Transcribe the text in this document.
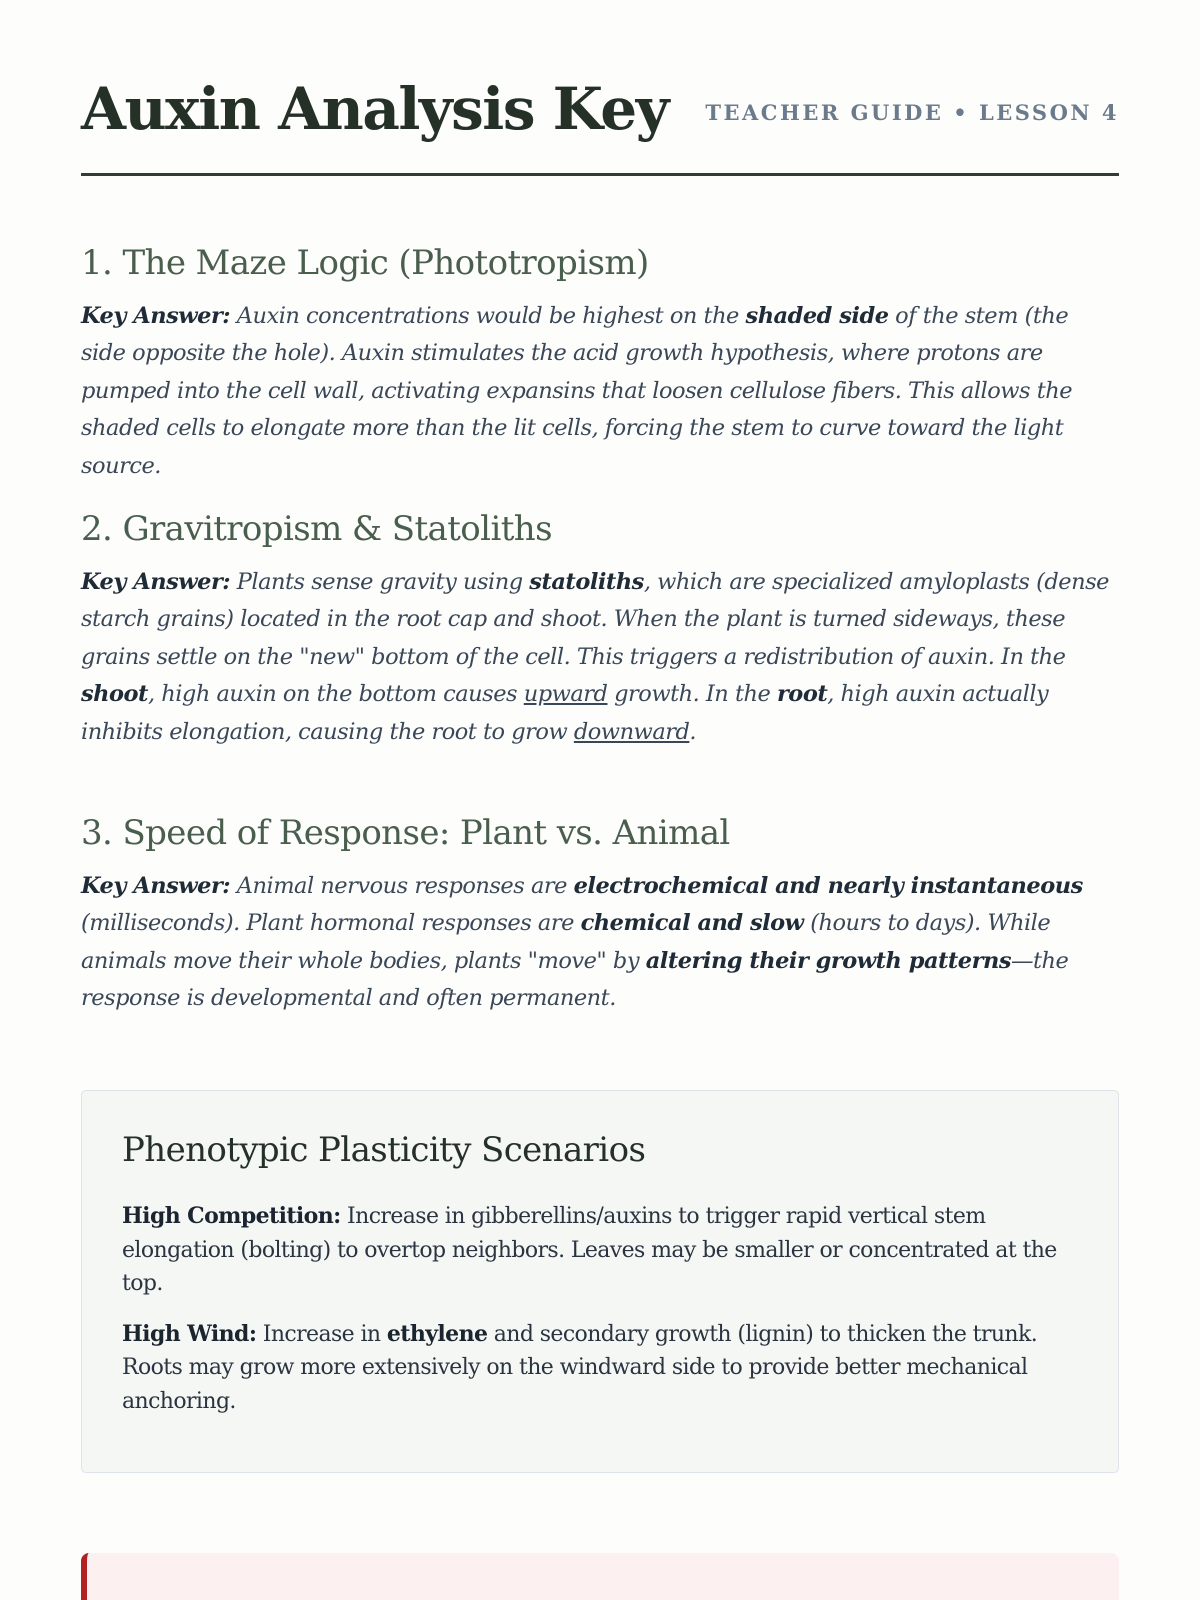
Auxin Analysis Key TEACHER GUIDE • LESSON 4
1. The Maze Logic (Phototropism)

Key Answer: Auxin concentrations would be highest on the shaded side of the stem (the side opposite the hole). Auxin stimulates the acid growth hypothesis, where protons are pumped into the cell wall, activating expansins that loosen cellulose fibers. This allows the shaded cells to elongate more than the lit cells, forcing the stem to curve toward the light source.

2. Gravitropism & Statoliths

Key Answer: Plants sense gravity using statoliths, which are specialized amyloplasts (dense starch grains) located in the root cap and shoot. When the plant is turned sideways, these grains settle on the "new" bottom of the cell. This triggers a redistribution of auxin. In the shoot, high auxin on the bottom causes upward growth. In the root, high auxin actually inhibits elongation, causing the root to grow downward.

3. Speed of Response: Plant vs. Animal

Key Answer: Animal nervous responses are electrochemical and nearly instantaneous (milliseconds). Plant hormonal responses are chemical and slow (hours to days). While animals move their whole bodies, plants "move" by altering their growth patterns—the response is developmental and often permanent.

Phenotypic Plasticity Scenarios

High Competition: Increase in gibberellins/auxins to trigger rapid vertical stem elongation (bolting) to overtop neighbors. Leaves may be smaller or concentrated at the top.

High Wind: Increase in ethylene and secondary growth (lignin) to thicken the trunk. Roots may grow more extensively on the windward side to provide better mechanical anchoring.
